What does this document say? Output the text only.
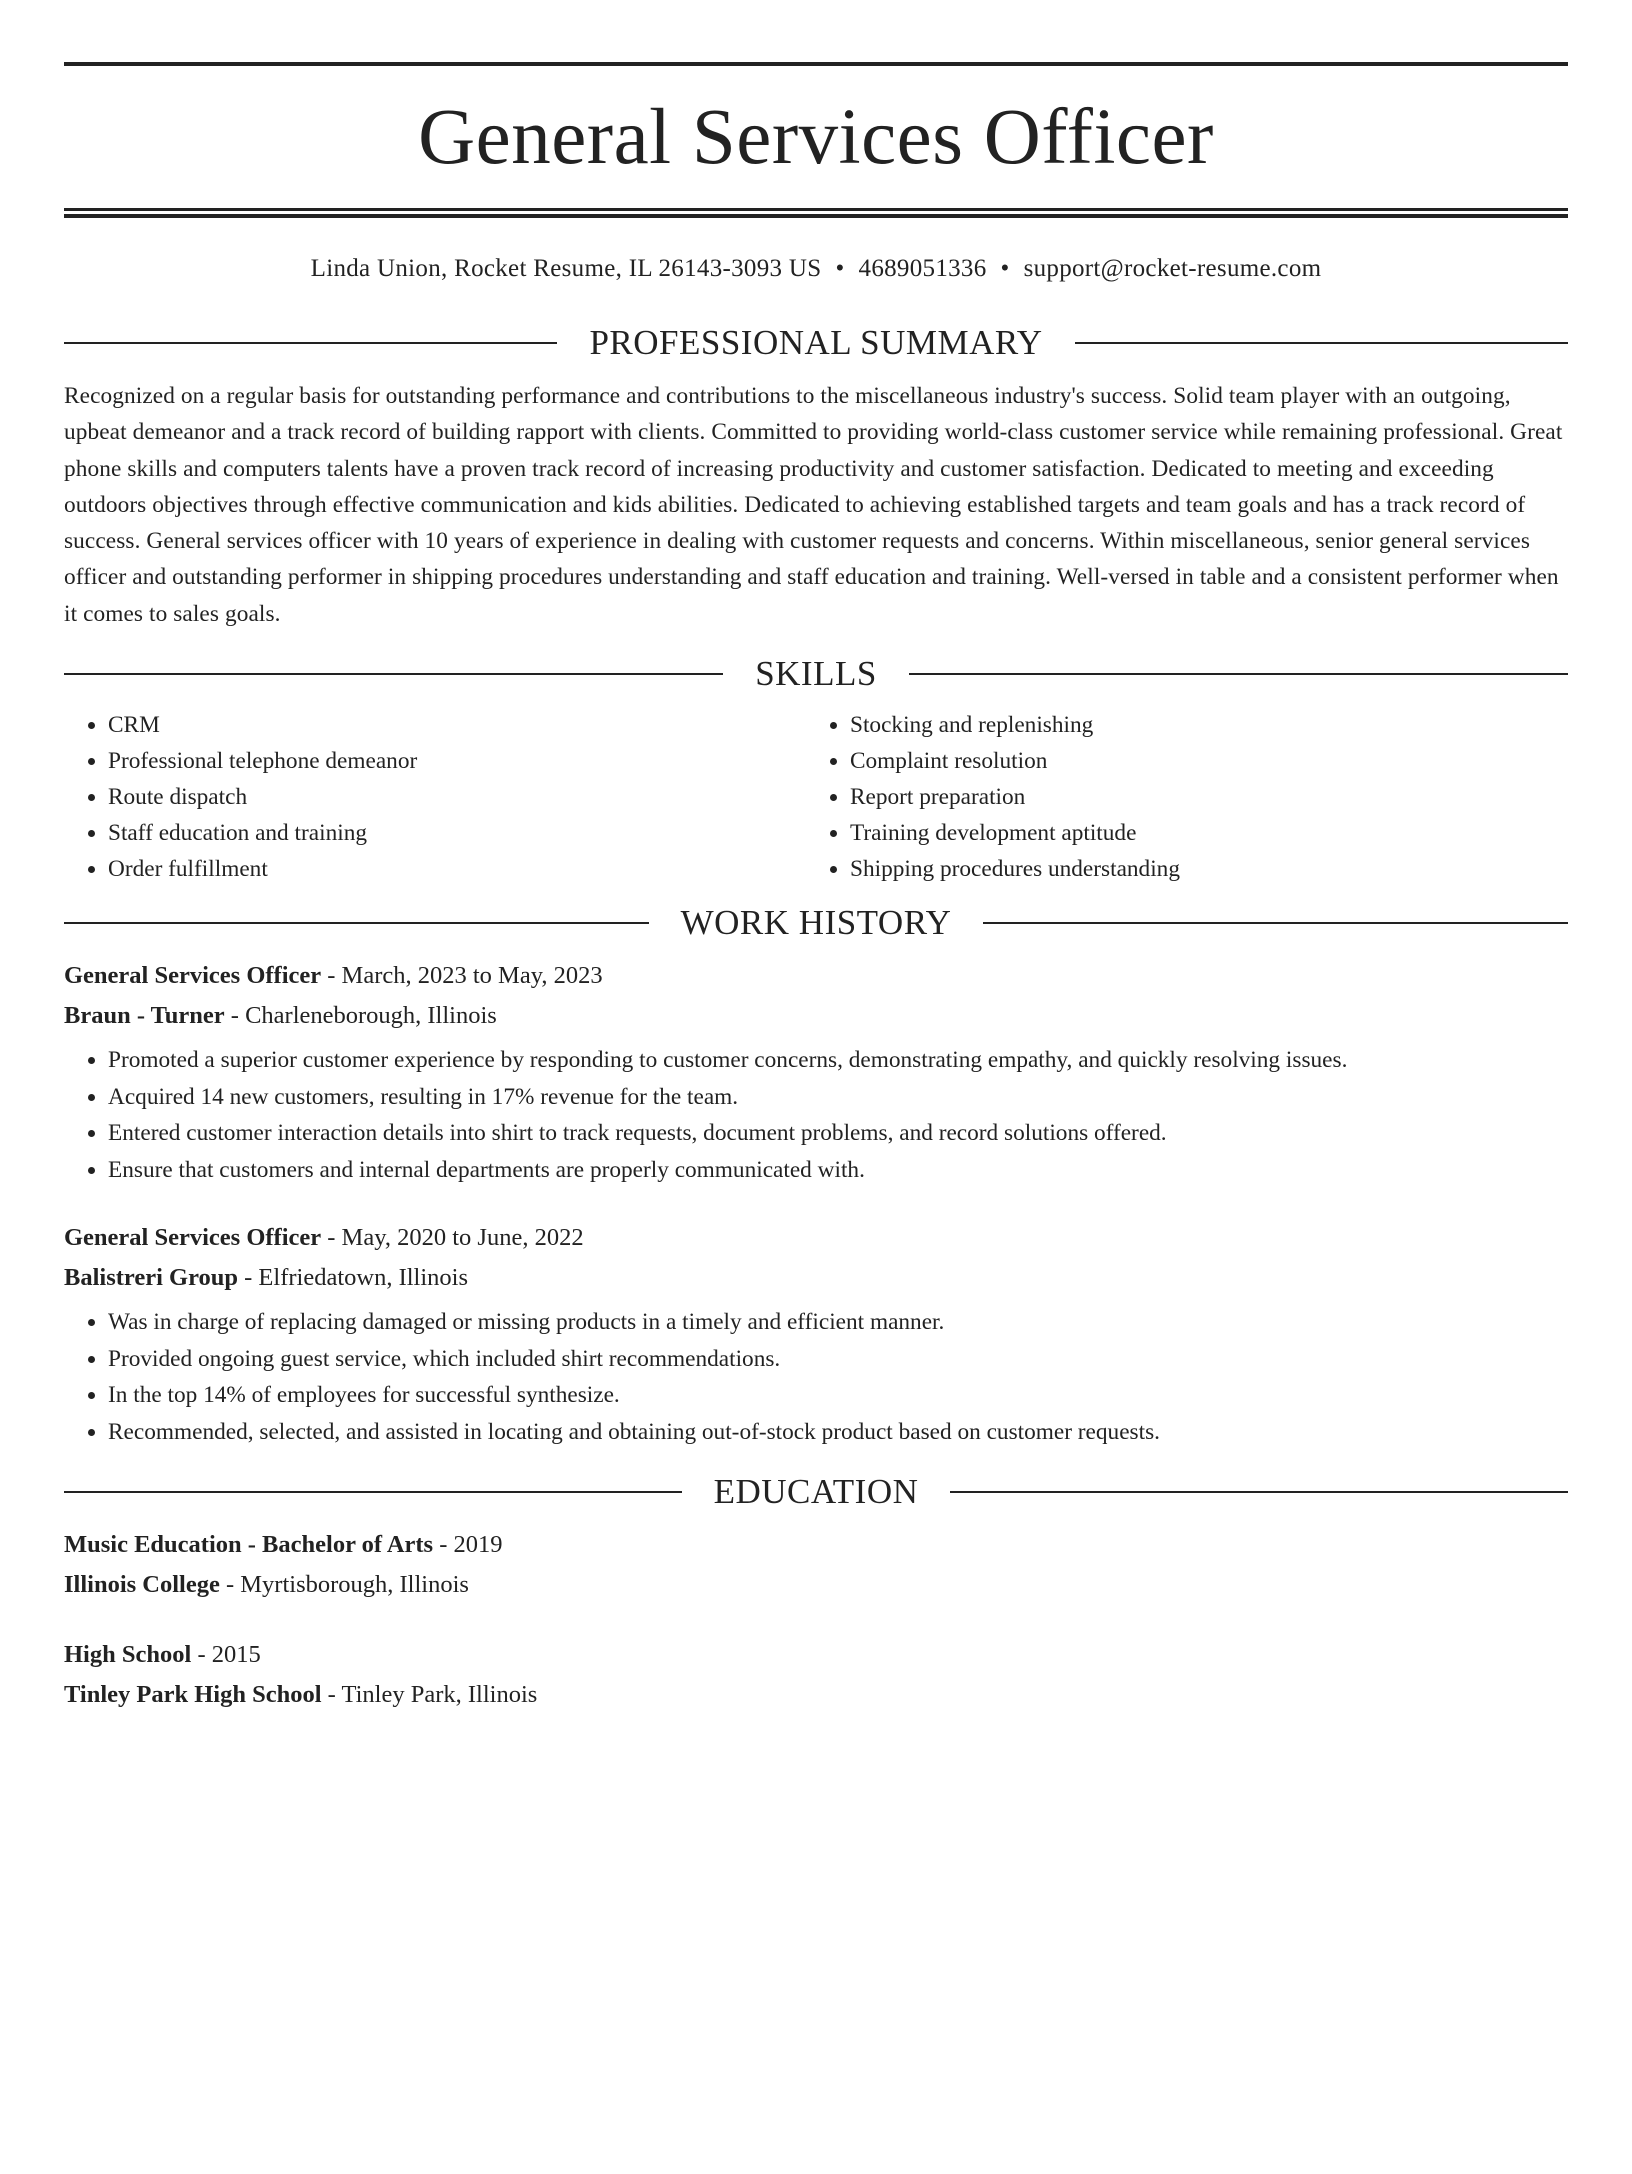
General Services Officer
Linda Union, Rocket Resume, IL 26143-3093 US • 4689051336 • support@rocket-resume.com
PROFESSIONAL SUMMARY

Recognized on a regular basis for outstanding performance and contributions to the miscellaneous industry's success. Solid team player with an outgoing, upbeat demeanor and a track record of building rapport with clients. Committed to providing world-class customer service while remaining professional. Great phone skills and computers talents have a proven track record of increasing productivity and customer satisfaction. Dedicated to meeting and exceeding outdoors objectives through effective communication and kids abilities. Dedicated to achieving established targets and team goals and has a track record of success. General services officer with 10 years of experience in dealing with customer requests and concerns. Within miscellaneous, senior general services officer and outstanding performer in shipping procedures understanding and staff education and training. Well-versed in table and a consistent performer when it comes to sales goals.

SKILLS
• CRM
• Professional telephone demeanor
• Route dispatch
• Staff education and training
• Order fulfillment
• Stocking and replenishing
• Complaint resolution
• Report preparation
• Training development aptitude
• Shipping procedures understanding
WORK HISTORY
General Services Officer - March, 2023 to May, 2023
Braun - Turner - Charleneborough, Illinois
• Promoted a superior customer experience by responding to customer concerns, demonstrating empathy, and quickly resolving issues.
• Acquired 14 new customers, resulting in 17% revenue for the team.
• Entered customer interaction details into shirt to track requests, document problems, and record solutions offered.
• Ensure that customers and internal departments are properly communicated with.
General Services Officer - May, 2020 to June, 2022
Balistreri Group - Elfriedatown, Illinois
• Was in charge of replacing damaged or missing products in a timely and efficient manner.
• Provided ongoing guest service, which included shirt recommendations.
• In the top 14% of employees for successful synthesize.
• Recommended, selected, and assisted in locating and obtaining out-of-stock product based on customer requests.
EDUCATION
Music Education - Bachelor of Arts - 2019
Illinois College - Myrtisborough, Illinois
High School - 2015
Tinley Park High School - Tinley Park, Illinois
